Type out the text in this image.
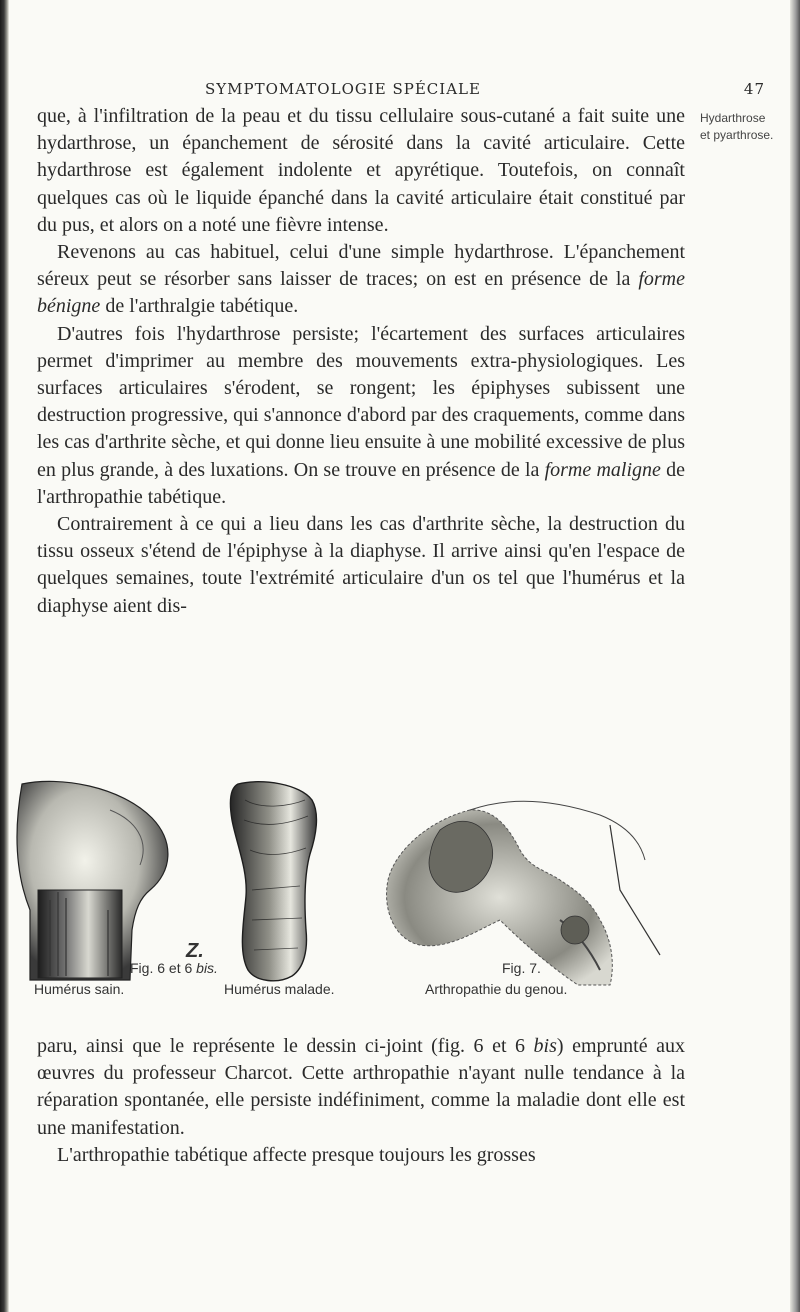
SYMPTOMATOLOGIE SPÉCIALE	47
Hydarthrose
et pyarthrose.

que, à l'infiltration de la peau et du tissu cellulaire sous-cutané a fait suite une hydarthrose, un épanchement de sérosité dans la cavité articulaire. Cette hydarthrose est également indolente et apyrétique. Toutefois, on connaît quelques cas où le liquide épanché dans la cavité articulaire était constitué par du pus, et alors on a noté une fièvre intense.

Revenons au cas habituel, celui d'une simple hydarthrose. L'épanchement séreux peut se résorber sans laisser de traces; on est en présence de la forme bénigne de l'arthralgie tabétique.

D'autres fois l'hydarthrose persiste; l'écartement des surfaces articulaires permet d'imprimer au membre des mouvements extra-physiologiques. Les surfaces articulaires s'érodent, se rongent; les épiphyses subissent une destruction progressive, qui s'annonce d'abord par des craquements, comme dans les cas d'arthrite sèche, et qui donne lieu ensuite à une mobilité excessive de plus en plus grande, à des luxations. On se trouve en présence de la forme maligne de l'arthropathie tabétique.

Contrairement à ce qui a lieu dans les cas d'arthrite sèche, la destruction du tissu osseux s'étend de l'épiphyse à la diaphyse. Il arrive ainsi qu'en l'espace de quelques semaines, toute l'extrémité articulaire d'un os tel que l'humérus et la diaphyse aient dis-

Z.
Fig. 6 et 6 bis.
Humérus sain.	Humérus malade.
Fig. 7.
Arthropathie du genou.

paru, ainsi que le représente le dessin ci-joint (fig. 6 et 6 bis) emprunté aux œuvres du professeur Charcot. Cette arthropathie n'ayant nulle tendance à la réparation spontanée, elle persiste indéfiniment, comme la maladie dont elle est une manifestation.

L'arthropathie tabétique affecte presque toujours les grosses
